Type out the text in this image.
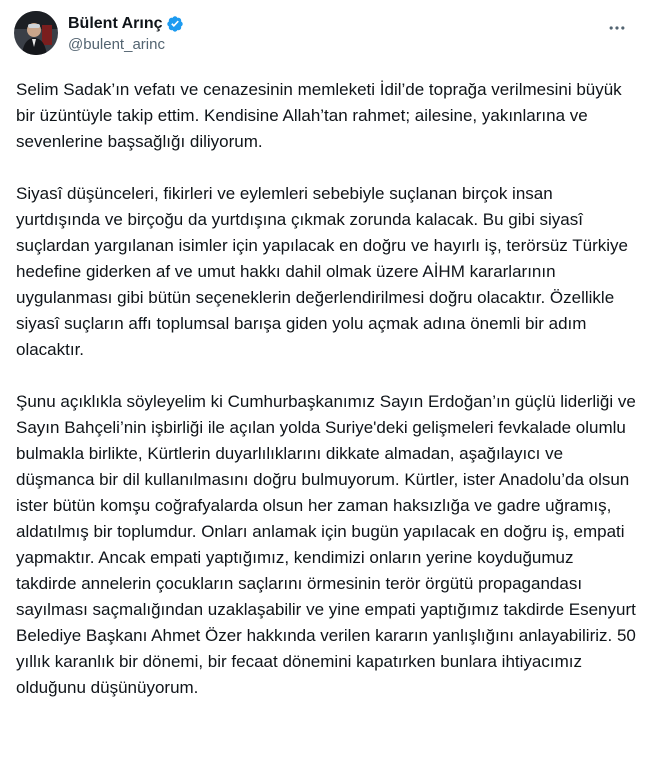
Bülent Arınç
@bulent_arinc

Selim Sadak’ın vefatı ve cenazesinin memleketi İdil’de toprağa verilmesini büyük bir üzüntüyle takip ettim. Kendisine Allah’tan rahmet; ailesine, yakınlarına ve sevenlerine başsağlığı diliyorum.

Siyasî düşünceleri, fikirleri ve eylemleri sebebiyle suçlanan birçok insan yurtdışında ve birçoğu da yurtdışına çıkmak zorunda kalacak. Bu gibi siyasî suçlardan yargılanan isimler için yapılacak en doğru ve hayırlı iş, terörsüz Türkiye hedefine giderken af ve umut hakkı dahil olmak üzere AİHM kararlarının uygulanması gibi bütün seçeneklerin değerlendirilmesi doğru olacaktır. Özellikle siyasî suçların affı toplumsal barışa giden yolu açmak adına önemli bir adım olacaktır.

Şunu açıklıkla söyleyelim ki Cumhurbaşkanımız Sayın Erdoğan’ın güçlü liderliği ve Sayın Bahçeli’nin işbirliği ile açılan yolda Suriye'deki gelişmeleri fevkalade olumlu bulmakla birlikte, Kürtlerin duyarlılıklarını dikkate almadan, aşağılayıcı ve düşmanca bir dil kullanılmasını doğru bulmuyorum. Kürtler, ister Anadolu’da olsun ister bütün komşu coğrafyalarda olsun her zaman haksızlığa ve gadre uğramış, aldatılmış bir toplumdur. Onları anlamak için bugün yapılacak en doğru iş, empati yapmaktır. Ancak empati yaptığımız, kendimizi onların yerine koyduğumuz takdirde annelerin çocukların saçlarını örmesinin terör örgütü propagandası sayılması saçmalığından uzaklaşabilir ve yine empati yaptığımız takdirde Esenyurt Belediye Başkanı Ahmet Özer hakkında verilen kararın yanlışlığını anlayabiliriz. 50 yıllık karanlık bir dönemi, bir fecaat dönemini kapatırken bunlara ihtiyacımız olduğunu düşünüyorum.
